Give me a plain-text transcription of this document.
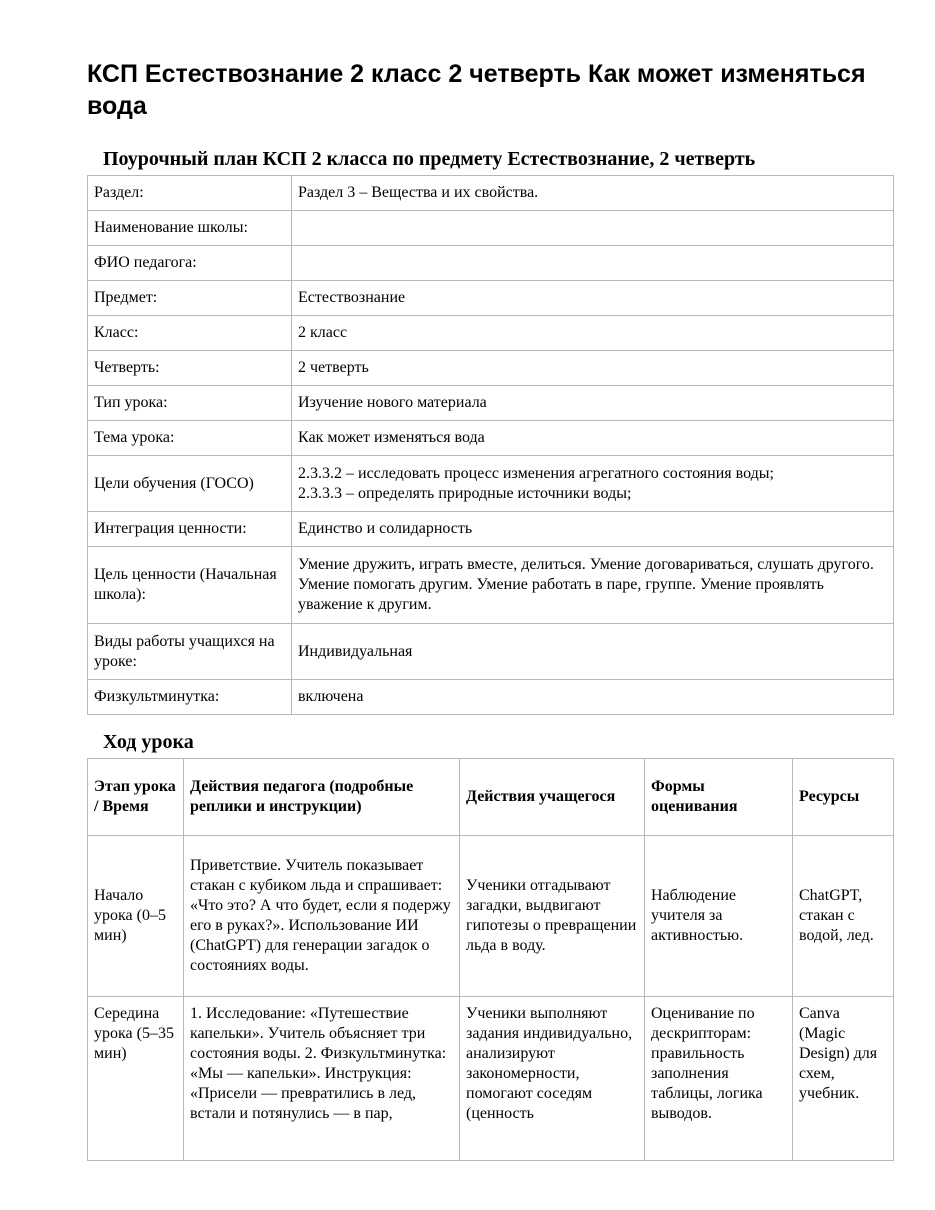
КСП Естествознание 2 класс 2 четверть Как может изменяться вода
Поурочный план КСП 2 класса по предмету Естествознание, 2 четверть
Раздел:	Раздел 3 – Вещества и их свойства.
Наименование школы:	
ФИО педагога:	
Предмет:	Естествознание
Класс:	2 класс
Четверть:	2 четверть
Тип урока:	Изучение нового материала
Тема урока:	Как может изменяться вода
Цели обучения (ГОСО)	2.3.3.2 – исследовать процесс изменения агрегатного состояния воды;
2.3.3.3 – определять природные источники воды;
Интеграция ценности:	Единство и солидарность
Цель ценности (Начальная школа):	Умение дружить, играть вместе, делиться. Умение договариваться, слушать другого. Умение помогать другим. Умение работать в паре, группе. Умение проявлять уважение к другим.
Виды работы учащихся на уроке:	Индивидуальная
Физкультминутка:	включена
Ход урока
Этап урока / Время	Действия педагога (подробные реплики и инструкции)	Действия учащегося	Формы оценивания	Ресурсы
Начало урока (0–5 мин)	Приветствие. Учитель показывает стакан с кубиком льда и спрашивает: «Что это? А что будет, если я подержу его в руках?». Использование ИИ (ChatGPT) для генерации загадок о состояниях воды.	Ученики отгадывают загадки, выдвигают гипотезы о превращении льда в воду.	Наблюдение учителя за активностью.	ChatGPT, стакан с водой, лед.
Середина урока (5–35 мин)	1. Исследование: «Путешествие капельки». Учитель объясняет три состояния воды. 2. Физкультминутка: «Мы — капельки». Инструкция: «Присели — превратились в лед, встали и потянулись — в пар,	Ученики выполняют задания индивидуально, анализируют закономерности, помогают соседям (ценность	Оценивание по дескрипторам: правильность заполнения таблицы, логика выводов.	Canva (Magic Design) для схем, учебник.
